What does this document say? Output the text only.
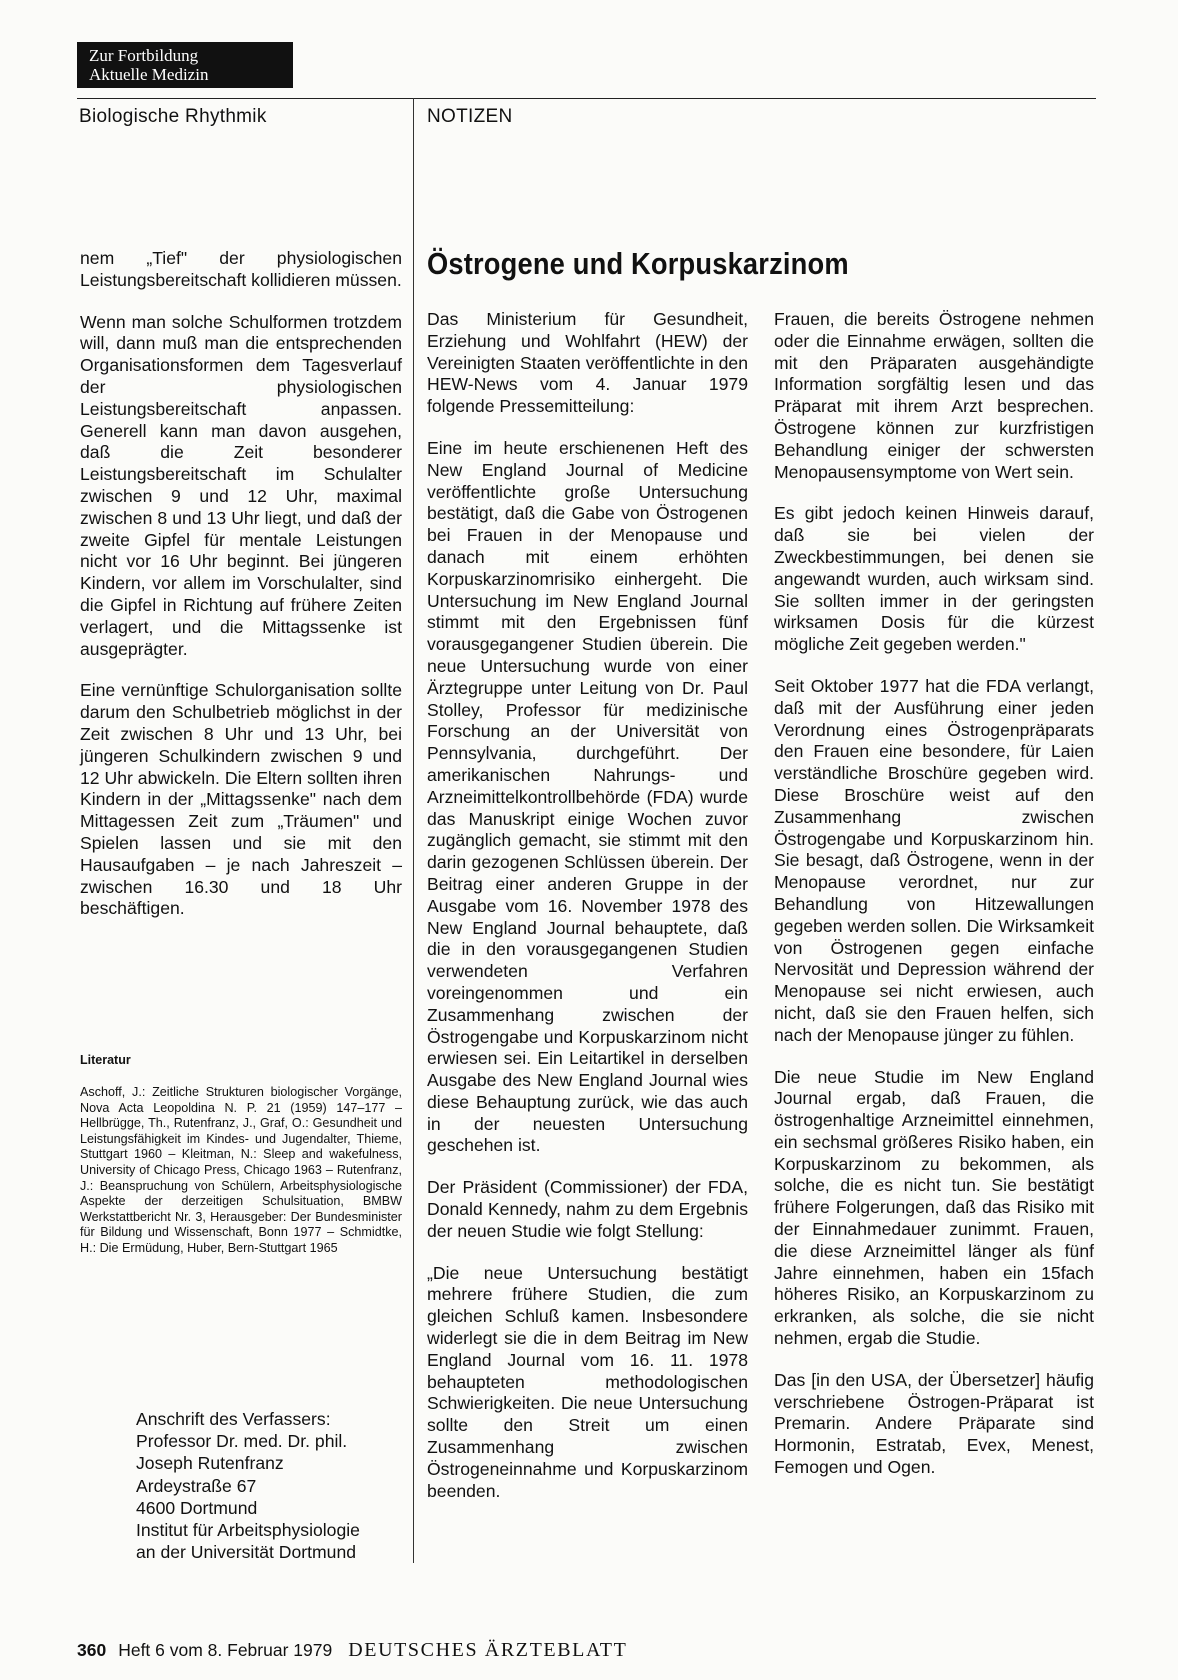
Zur Fortbildung
Aktuelle Medizin
Biologische Rhythmik	NOTIZEN

nem „Tief" der physiologischen Leistungsbereitschaft kollidieren müssen.

Wenn man solche Schulformen trotzdem will, dann muß man die entsprechenden Organisationsformen dem Tagesverlauf der physiologischen Leistungsbereitschaft anpassen. Generell kann man davon ausgehen, daß die Zeit besonderer Leistungsbereitschaft im Schulalter zwischen 9 und 12 Uhr, maximal zwischen 8 und 13 Uhr liegt, und daß der zweite Gipfel für mentale Leistungen nicht vor 16 Uhr beginnt. Bei jüngeren Kindern, vor allem im Vorschulalter, sind die Gipfel in Richtung auf frühere Zeiten verlagert, und die Mittagssenke ist ausgeprägter.

Eine vernünftige Schulorganisation sollte darum den Schulbetrieb möglichst in der Zeit zwischen 8 Uhr und 13 Uhr, bei jüngeren Schulkindern zwischen 9 und 12 Uhr abwickeln. Die Eltern sollten ihren Kindern in der „Mittagssenke" nach dem Mittagessen Zeit zum „Träumen" und Spielen lassen und sie mit den Hausaufgaben – je nach Jahreszeit – zwischen 16.30 und 18 Uhr beschäftigen.

Literatur
Aschoff, J.: Zeitliche Strukturen biologischer Vorgänge, Nova Acta Leopoldina N. P. 21 (1959) 147–177 – Hellbrügge, Th., Rutenfranz, J., Graf, O.: Gesundheit und Leistungsfähigkeit im Kindes- und Jugendalter, Thieme, Stuttgart 1960 – Kleitman, N.: Sleep and wakefulness, University of Chicago Press, Chicago 1963 – Rutenfranz, J.: Beanspruchung von Schülern, Arbeitsphysiologische Aspekte der derzeitigen Schulsituation, BMBW Werkstattbericht Nr. 3, Herausgeber: Der Bundesminister für Bildung und Wissenschaft, Bonn 1977 – Schmidtke, H.: Die Ermüdung, Huber, Bern-Stuttgart 1965
Anschrift des Verfassers:
Professor Dr. med. Dr. phil.
Joseph Rutenfranz
Ardeystraße 67
4600 Dortmund
Institut für Arbeitsphysiologie
an der Universität Dortmund
Östrogene und Korpuskarzinom

Das Ministerium für Gesundheit, Erziehung und Wohlfahrt (HEW) der Vereinigten Staaten veröffentlichte in den HEW-News vom 4. Januar 1979 folgende Pressemitteilung:

Eine im heute erschienenen Heft des New England Journal of Medicine veröffentlichte große Untersuchung bestätigt, daß die Gabe von Östrogenen bei Frauen in der Menopause und danach mit einem erhöhten Korpuskarzinomrisiko einhergeht. Die Untersuchung im New England Journal stimmt mit den Ergebnissen fünf vorausgegangener Studien überein. Die neue Untersuchung wurde von einer Ärztegruppe unter Leitung von Dr. Paul Stolley, Professor für medizinische Forschung an der Universität von Pennsylvania, durchgeführt. Der amerikanischen Nahrungs- und Arzneimittelkontrollbehörde (FDA) wurde das Manuskript einige Wochen zuvor zugänglich gemacht, sie stimmt mit den darin gezogenen Schlüssen überein. Der Beitrag einer anderen Gruppe in der Ausgabe vom 16. November 1978 des New England Journal behauptete, daß die in den vorausgegangenen Studien verwendeten Verfahren voreingenommen und ein Zusammenhang zwischen der Östrogengabe und Korpuskarzinom nicht erwiesen sei. Ein Leitartikel in derselben Ausgabe des New England Journal wies diese Behauptung zurück, wie das auch in der neuesten Untersuchung geschehen ist.

Der Präsident (Commissioner) der FDA, Donald Kennedy, nahm zu dem Ergebnis der neuen Studie wie folgt Stellung:

„Die neue Untersuchung bestätigt mehrere frühere Studien, die zum gleichen Schluß kamen. Insbesondere widerlegt sie die in dem Beitrag im New England Journal vom 16. 11. 1978 behaupteten methodologischen Schwierigkeiten. Die neue Untersuchung sollte den Streit um einen Zusammenhang zwischen Östrogeneinnahme und Korpuskarzinom beenden.

Frauen, die bereits Östrogene nehmen oder die Einnahme erwägen, sollten die mit den Präparaten ausgehändigte Information sorgfältig lesen und das Präparat mit ihrem Arzt besprechen. Östrogene können zur kurzfristigen Behandlung einiger der schwersten Menopausensymptome von Wert sein.

Es gibt jedoch keinen Hinweis darauf, daß sie bei vielen der Zweckbestimmungen, bei denen sie angewandt wurden, auch wirksam sind. Sie sollten immer in der geringsten wirksamen Dosis für die kürzest mögliche Zeit gegeben werden."

Seit Oktober 1977 hat die FDA verlangt, daß mit der Ausführung einer jeden Verordnung eines Östrogenpräparats den Frauen eine besondere, für Laien verständliche Broschüre gegeben wird. Diese Broschüre weist auf den Zusammenhang zwischen Östrogengabe und Korpuskarzinom hin. Sie besagt, daß Östrogene, wenn in der Menopause verordnet, nur zur Behandlung von Hitzewallungen gegeben werden sollen. Die Wirksamkeit von Östrogenen gegen einfache Nervosität und Depression während der Menopause sei nicht erwiesen, auch nicht, daß sie den Frauen helfen, sich nach der Menopause jünger zu fühlen.

Die neue Studie im New England Journal ergab, daß Frauen, die östrogenhaltige Arzneimittel einnehmen, ein sechsmal größeres Risiko haben, ein Korpuskarzinom zu bekommen, als solche, die es nicht tun. Sie bestätigt frühere Folgerungen, daß das Risiko mit der Einnahmedauer zunimmt. Frauen, die diese Arzneimittel länger als fünf Jahre einnehmen, haben ein 15fach höheres Risiko, an Korpuskarzinom zu erkranken, als solche, die sie nicht nehmen, ergab die Studie.

Das [in den USA, der Übersetzer] häufig verschriebene Östrogen-Präparat ist Premarin. Andere Präparate sind Hormonin, Estratab, Evex, Menest, Femogen und Ogen.

360 Heft 6 vom 8. Februar 1979 DEUTSCHES ÄRZTEBLATT
